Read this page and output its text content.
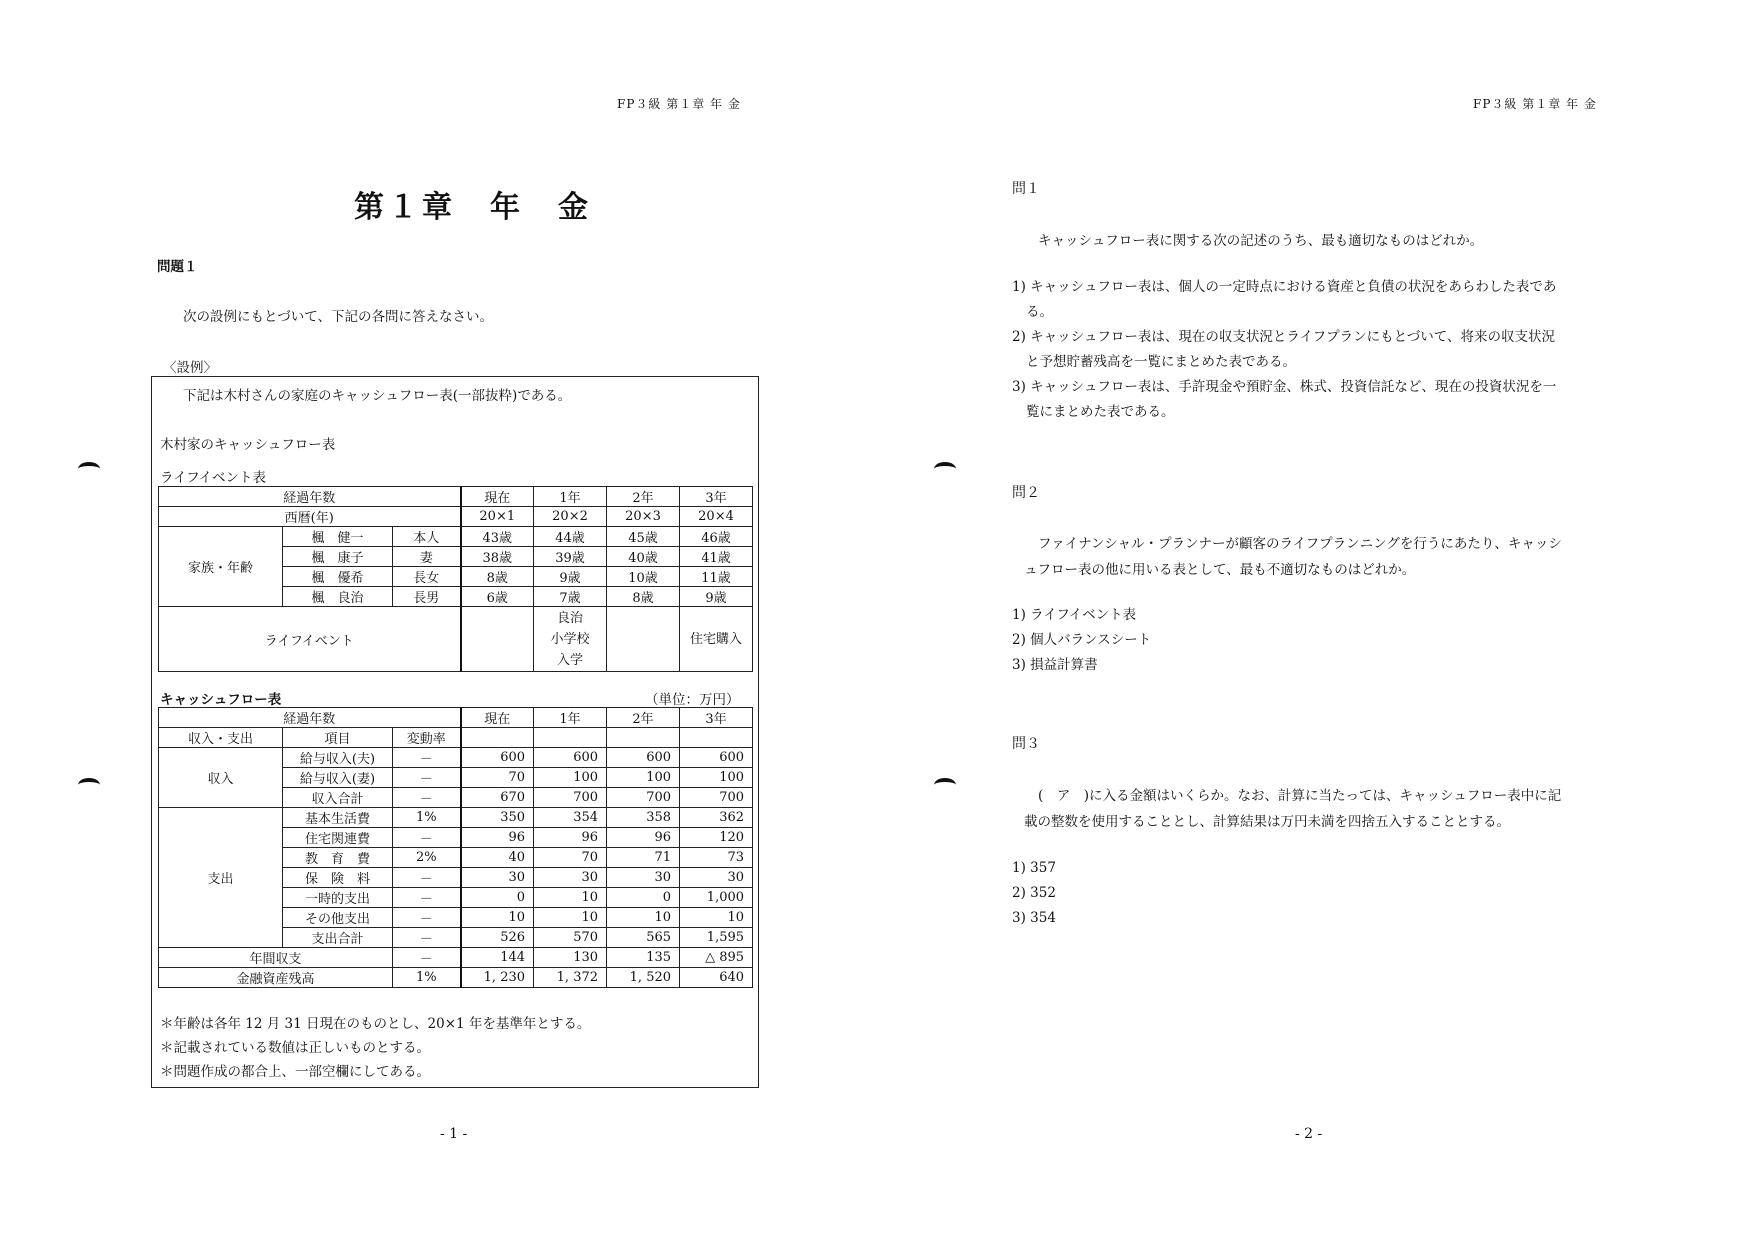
FP３級 第１章 年 金
第１章　年　金
問題１
次の設例にもとづいて、下記の各問に答えなさい。
〈設例〉
下記は木村さんの家庭のキャッシュフロー表(一部抜粋)である。
木村家のキャッシュフロー表
ライフイベント表
経過年数			現在	1年	2年	3年
西暦(年)			20×1	20×2	20×3	20×4
家族・年齢	楓　健一	本人	43歳	44歳	45歳	46歳
	楓　康子	妻	38歳	39歳	40歳	41歳
	楓　優希	長女	8歳	9歳	10歳	11歳
	楓　良治	長男	6歳	7歳	8歳	9歳
ライフイベント				良治
小学校
入学		住宅購入
キャッシュフロー表	（単位：万円）
経過年数			現在	1年	2年	3年
収入・支出	項目	変動率				
収入	給与収入(夫)	－	600	600	600	600
	給与収入(妻)	－	70	100	100	100
	収入合計	－	670	700	700	700
支出	基本生活費	1%	350	354	358	362
	住宅関連費	－	96	96	96	120
	教　育　費	2%	40	70	71	73
	保　険　料	－	30	30	30	30
	一時的支出	－	0	10	0	1,000
	その他支出	－	10	10	10	10
	支出合計	－	526	570	565	1,595
年間収支		－	144	130	135	△ 895
金融資産残高		1%	1, 230	1, 372	1, 520	640
＊年齢は各年 12 月 31 日現在のものとし、20×1 年を基準年とする。
＊記載されている数値は正しいものとする。
＊問題作成の都合上、一部空欄にしてある。
- 1 -
FP３級 第１章 年 金
問１
キャッシュフロー表に関する次の記述のうち、最も適切なものはどれか。
1) キャッシュフロー表は、個人の一定時点における資産と負債の状況をあらわした表であ
る。
2) キャッシュフロー表は、現在の収支状況とライフプランにもとづいて、将来の収支状況
と予想貯蓄残高を一覧にまとめた表である。
3) キャッシュフロー表は、手許現金や預貯金、株式、投資信託など、現在の投資状況を一
覧にまとめた表である。
問２
ファイナンシャル・プランナーが顧客のライフプランニングを行うにあたり、キャッシ
ュフロー表の他に用いる表として、最も不適切なものはどれか。
1) ライフイベント表
2) 個人バランスシート
3) 損益計算書
問３
(　ア　)に入る金額はいくらか。なお、計算に当たっては、キャッシュフロー表中に記
載の整数を使用することとし、計算結果は万円未満を四捨五入することとする。
1) 357
2) 352
3) 354
- 2 -
